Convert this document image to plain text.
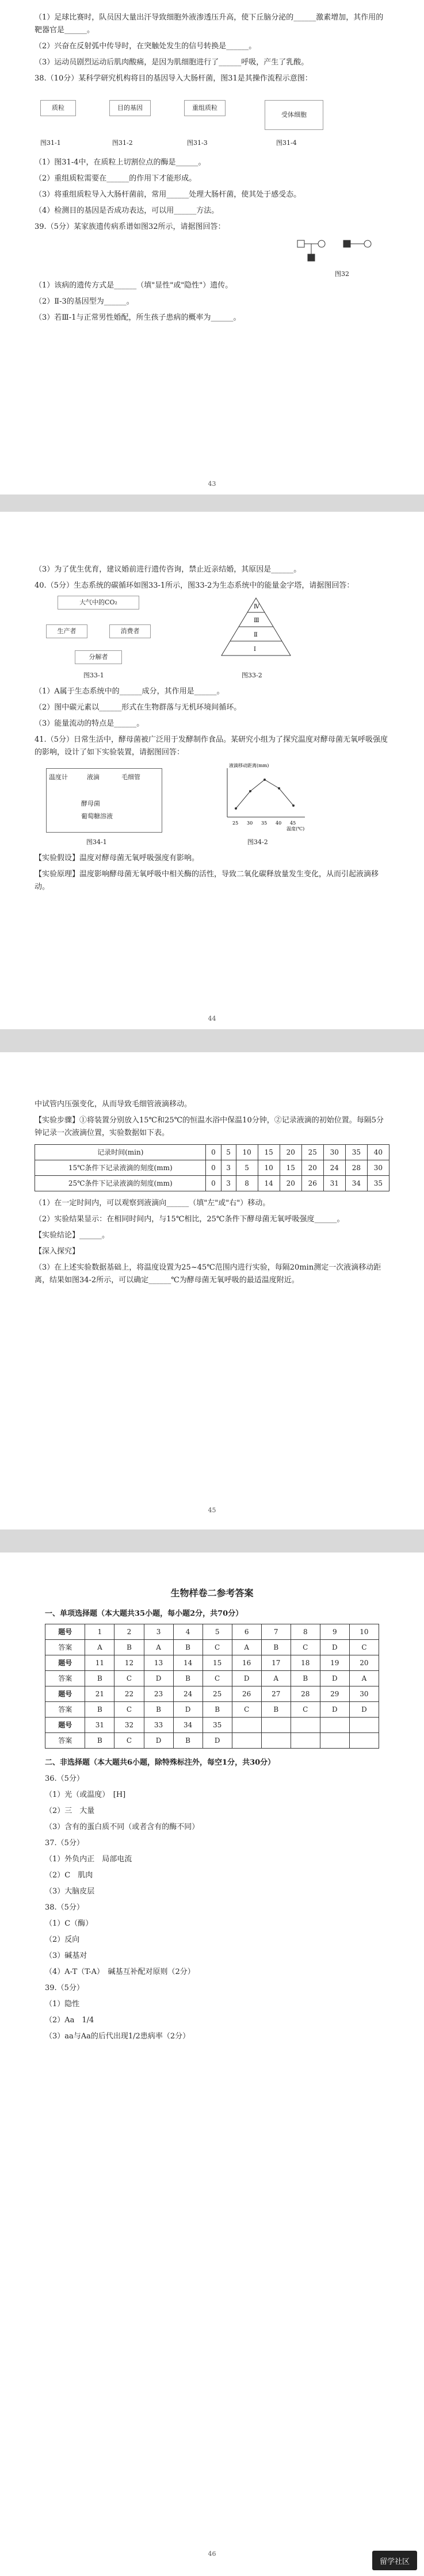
（1）足球比赛时，队员因大量出汗导致细胞外液渗透压升高，使下丘脑分泌的______激素增加，其作用的靶器官是______。

（2）兴奋在反射弧中传导时，在突触处发生的信号转换是______。

（3）运动员剧烈运动后肌肉酸痛，是因为肌细胞进行了______呼吸，产生了乳酸。

38.（10分）某科学研究机构将目的基因导入大肠杆菌，图31是其操作流程示意图：

质粒	目的基因	重组质粒
受体细胞
图31-1	图31-2	图31-3	图31-4

（1）图31-4中，在质粒上切割位点的酶是______。

（2）重组质粒需要在______的作用下才能形成。

（3）将重组质粒导入大肠杆菌前，常用______处理大肠杆菌，使其处于感受态。

（4）检测目的基因是否成功表达，可以用______方法。

39.（5分）某家族遗传病系谱如图32所示，请据图回答：

图32

（1）该病的遗传方式是______（填"显性"或"隐性"）遗传。

（2）Ⅱ-3的基因型为______。

（3）若Ⅲ-1与正常男性婚配，所生孩子患病的概率为______。

43

（3）为了优生优育，建议婚前进行遗传咨询，禁止近亲结婚，其原因是______。

40.（5分）生态系统的碳循环如图33-1所示，图33-2为生态系统中的能量金字塔，请据图回答：

大气中的CO₂
生产者	消费者
分解者
图33-1
Ⅳ
Ⅲ
Ⅱ
Ⅰ
图33-2

（1）A属于生态系统中的______成分，其作用是______。

（2）图中碳元素以______形式在生物群落与无机环境间循环。

（3）能量流动的特点是______。

41.（5分）日常生活中，酵母菌被广泛用于发酵制作食品。某研究小组为了探究温度对酵母菌无氧呼吸强度的影响，设计了如下实验装置，请据图回答：

温度计	液滴	毛细管
酵母菌
葡萄糖溶液
图34-1
25 30 35 40 45
液滴移动距离(mm)
温度(℃)
图34-2

【实验假设】温度对酵母菌无氧呼吸强度有影响。

【实验原理】温度影响酵母菌无氧呼吸中相关酶的活性，导致二氧化碳释放量发生变化，从而引起液滴移动。

44

中试管内压强变化，从而导致毛细管液滴移动。

【实验步骤】①将装置分别放入15℃和25℃的恒温水浴中保温10分钟，②记录液滴的初始位置。每隔5分钟记录一次液滴位置，实验数据如下表。

记录时间(min)	0	5	10	15	20	25	30	35	40
15℃条件下记录液滴的刻度(mm)	0	3	5	10	15	20	24	28	30
25℃条件下记录液滴的刻度(mm)	0	3	8	14	20	26	31	34	35

（1）在一定时间内，可以观察到液滴向______（填"左"或"右"）移动。

（2）实验结果显示：在相同时间内，与15℃相比，25℃条件下酵母菌无氧呼吸强度______。

【实验结论】______。

【深入探究】

（3）在上述实验数据基础上，将温度设置为25~45℃范围内进行实验，每隔20min测定一次液滴移动距离，结果如图34-2所示，可以确定______℃为酵母菌无氧呼吸的最适温度附近。

45

生物样卷二参考答案

一、单项选择题（本大题共35小题，每小题2分，共70分）

题号	1	2	3	4	5	6	7	8	9	10
答案	A	B	A	B	C	A	B	C	D	C
题号	11	12	13	14	15	16	17	18	19	20
答案	B	C	D	B	C	D	A	B	D	A
题号	21	22	23	24	25	26	27	28	29	30
答案	B	C	B	D	B	C	B	C	D	D
题号	31	32	33	34	35					
答案	B	C	D	B	D					

二、非选择题（本大题共6小题，除特殊标注外，每空1分，共30分）

36.（5分）

（1）光（或温度）　[H]

（2）三　大量

（3）含有的蛋白质不同（或者含有的酶不同）

37.（5分）

（1）外负内正　局部电流

（2）C　肌肉

（3）大脑皮层

38.（5分）

（1）C（酶）

（2）反向

（3）碱基对

（4）A-T（T-A）　碱基互补配对原则（2分）

39.（5分）

（1）隐性

（2）Aa　1/4

（3）aa与Aa的后代出现1/2患病率（2分）

46
留学社区
